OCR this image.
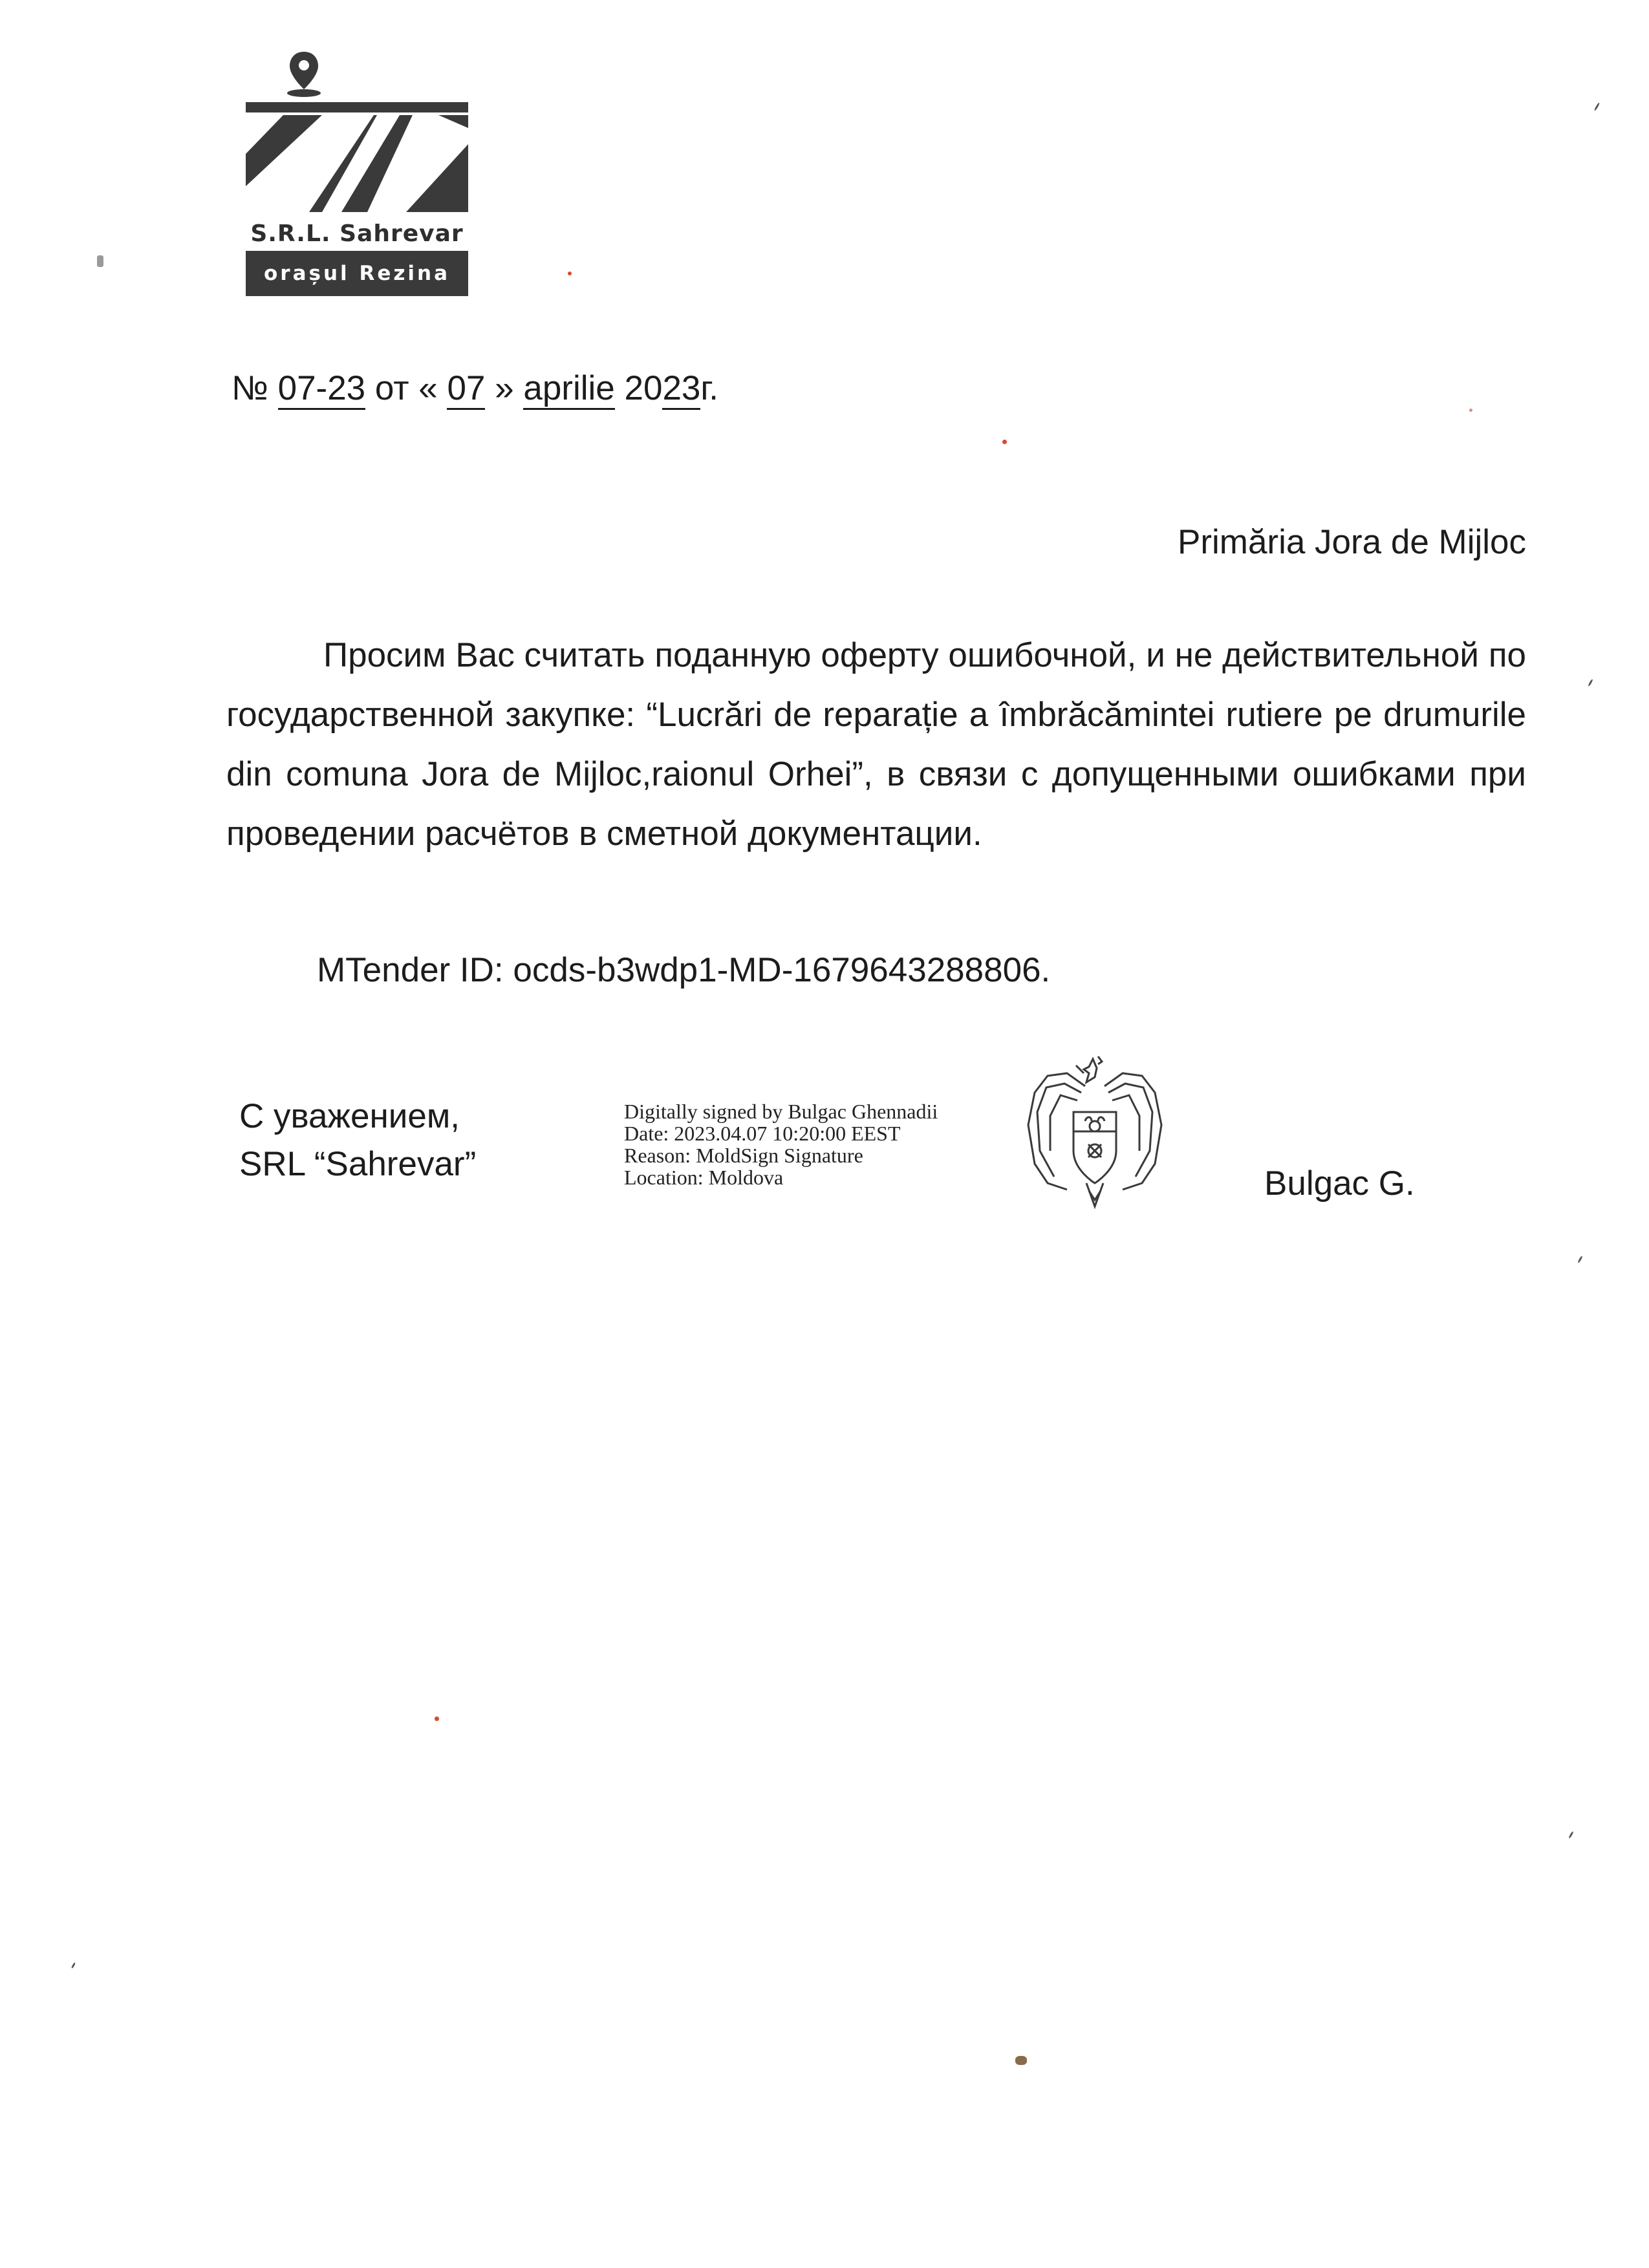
S.R.L. Sahrevar
orașul Rezina
№ 07-23 от « 07 » aprilie 2023г.
Primăria Jora de Mijloc

Просим Вас считать поданную оферту ошибочной, и не действительной по государственной закупке: “Lucrări de reparație a îmbrăcămintei rutiere pe drumurile din comuna Jora de Mijloc,raionul Orhei”, в связи с допущенными ошибками при проведении расчётов в сметной документации.

MTender ID: ocds-b3wdp1-MD-1679643288806.
С уважением,
SRL “Sahrevar”
Digitally signed by Bulgac Ghennadii
Date: 2023.04.07 10:20:00 EEST
Reason: MoldSign Signature
Location: Moldova	Bulgac G.
